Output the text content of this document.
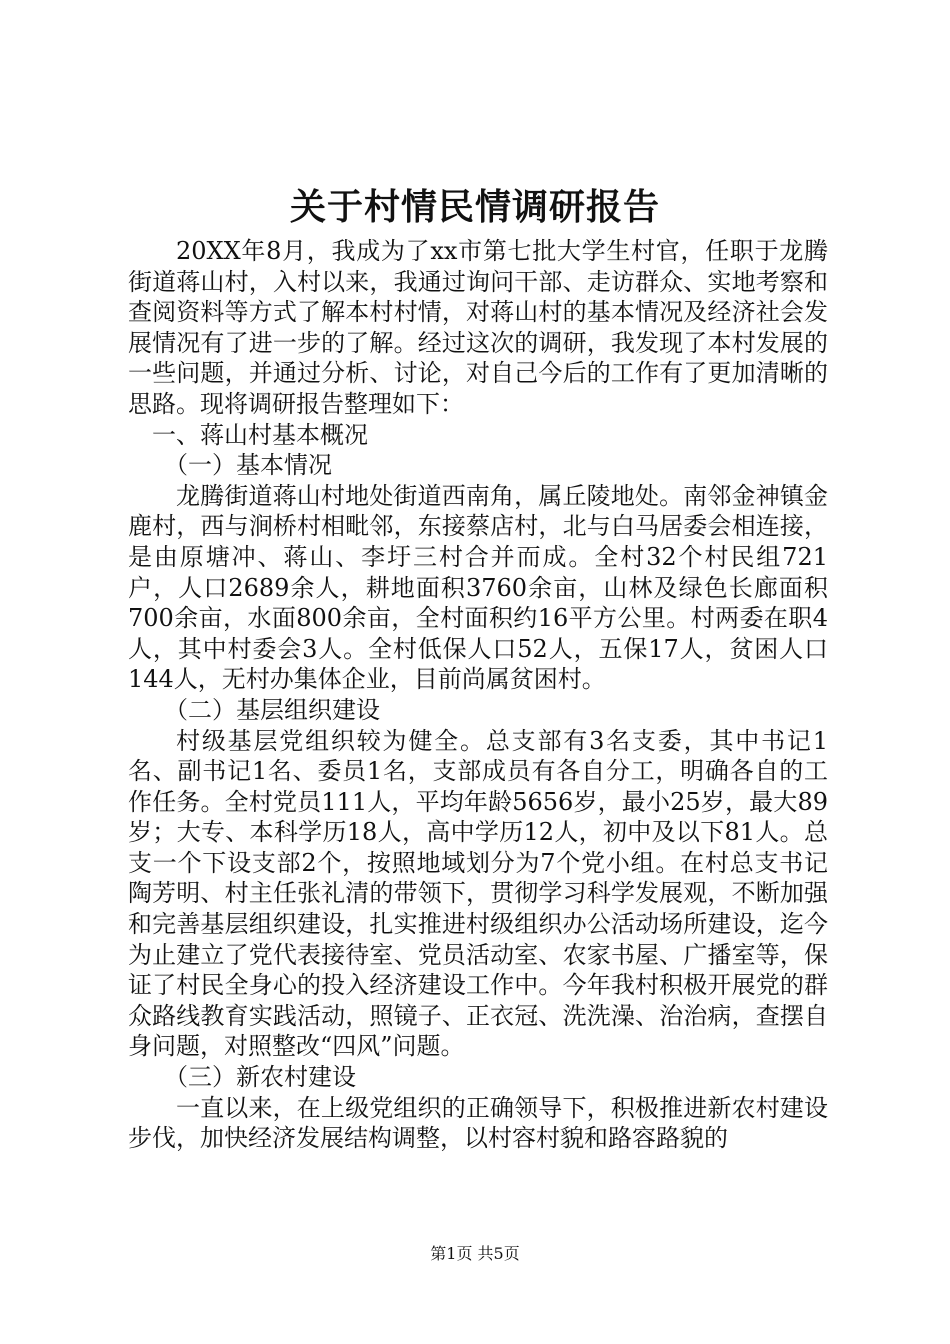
关于村情民情调研报告

20XX年8月，我成为了xx市第七批大学生村官，任职于龙腾街道蒋山村，入村以来，我通过询问干部、走访群众、实地考察和查阅资料等方式了解本村村情，对蒋山村的基本情况及经济社会发展情况有了进一步的了解。经过这次的调研，我发现了本村发展的一些问题，并通过分析、讨论，对自己今后的工作有了更加清晰的思路。现将调研报告整理如下：

一、蒋山村基本概况

（一）基本情况

龙腾街道蒋山村地处街道西南角，属丘陵地处。南邻金神镇金鹿村，西与涧桥村相毗邻，东接蔡店村，北与白马居委会相连接，是由原塘冲、蒋山、李圩三村合并而成。全村32个村民组721户，人口2689余人，耕地面积3760余亩，山林及绿色长廊面积700余亩，水面800余亩，全村面积约16平方公里。村两委在职4人，其中村委会3人。全村低保人口52人，五保17人，贫困人口144人，无村办集体企业，目前尚属贫困村。

（二）基层组织建设

村级基层党组织较为健全。总支部有3名支委，其中书记1名、副书记1名、委员1名，支部成员有各自分工，明确各自的工作任务。全村党员111人，平均年龄5656岁，最小25岁，最大89岁；大专、本科学历18人，高中学历12人，初中及以下81人。总支一个下设支部2个，按照地域划分为7个党小组。在村总支书记陶芳明、村主任张礼清的带领下，贯彻学习科学发展观，不断加强和完善基层组织建设，扎实推进村级组织办公活动场所建设，迄今为止建立了党代表接待室、党员活动室、农家书屋、广播室等，保证了村民全身心的投入经济建设工作中。今年我村积极开展党的群众路线教育实践活动，照镜子、正衣冠、洗洗澡、治治病，查摆自身问题，对照整改“四风”问题。

（三）新农村建设

一直以来，在上级党组织的正确领导下，积极推进新农村建设步伐，加快经济发展结构调整，以村容村貌和路容路貌的

第1页 共5页
